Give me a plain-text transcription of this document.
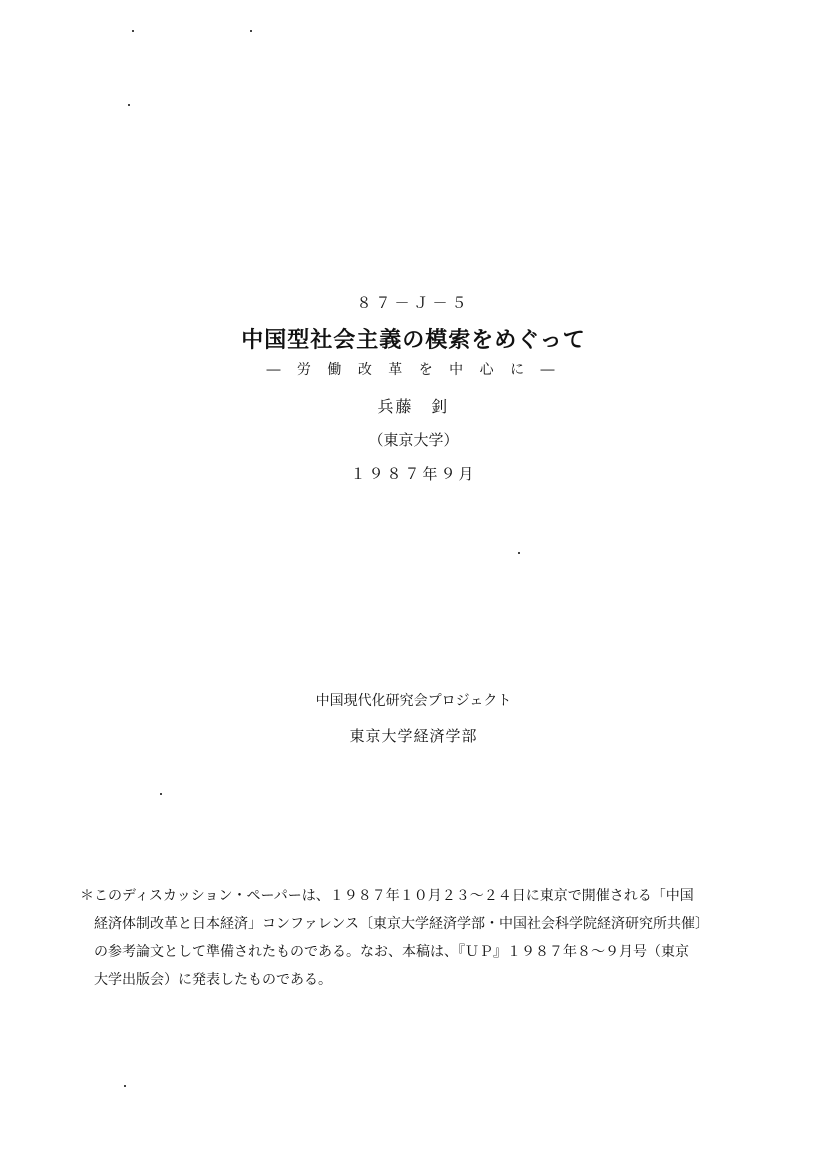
８７－Ｊ－５
中国型社会主義の模索をめぐって
― 労 働 改 革 を 中 心 に ―
兵藤　釗
（東京大学）
１９８７年９月
中国現代化研究会プロジェクト
東京大学経済学部
＊このディスカッション・ペーパーは、１９８７年１０月２３～２４日に東京で開催される「中国
経済体制改革と日本経済」コンファレンス〔東京大学経済学部・中国社会科学院経済研究所共催〕
の参考論文として準備されたものである。なお、本稿は、『ＵＰ』１９８７年８～９月号（東京
大学出版会）に発表したものである。
